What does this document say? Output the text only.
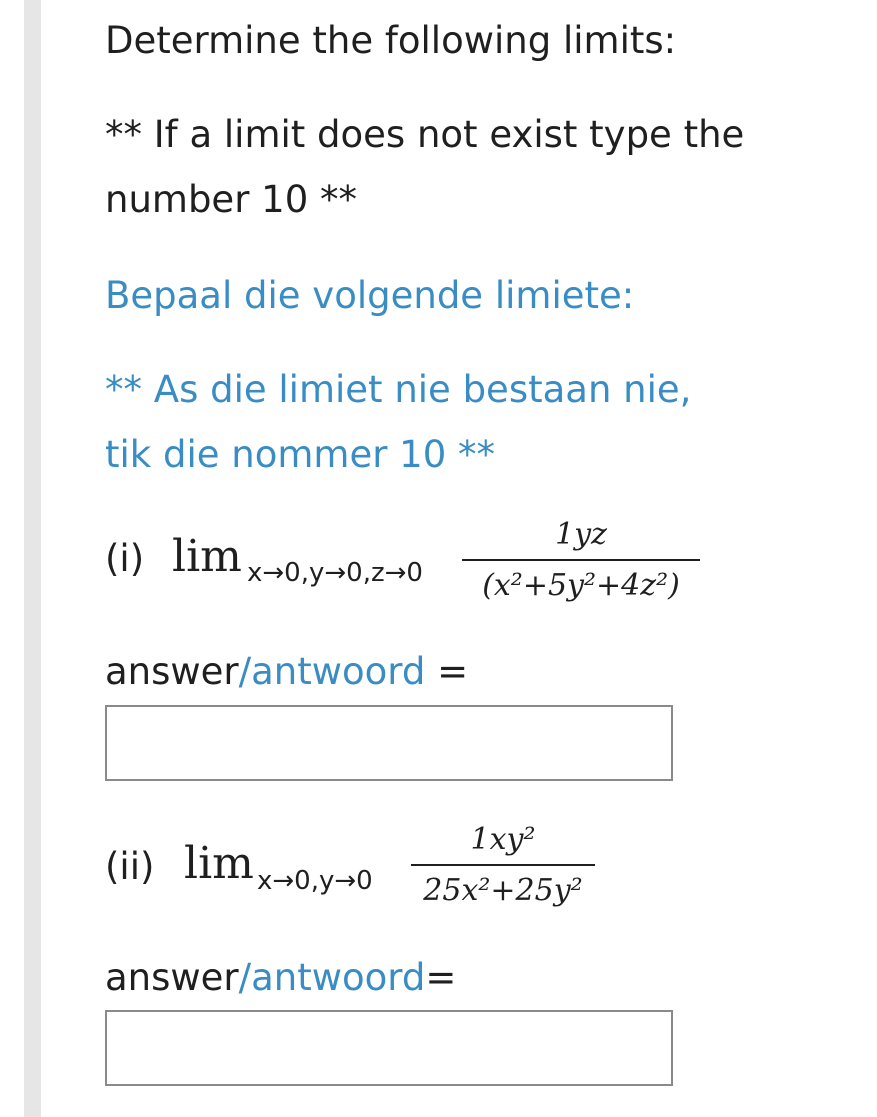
Determine the following limits:
** If a limit does not exist type the
number 10 **
Bepaal die volgende limiete:
** As die limiet nie bestaan nie,
tik die nommer 10 **
(i) lim x→0,y→0,z→0
1yz
(x²+5y²+4z²)
answer/antwoord =
(ii) lim x→0,y→0
1xy²
25x²+25y²
answer/antwoord=
